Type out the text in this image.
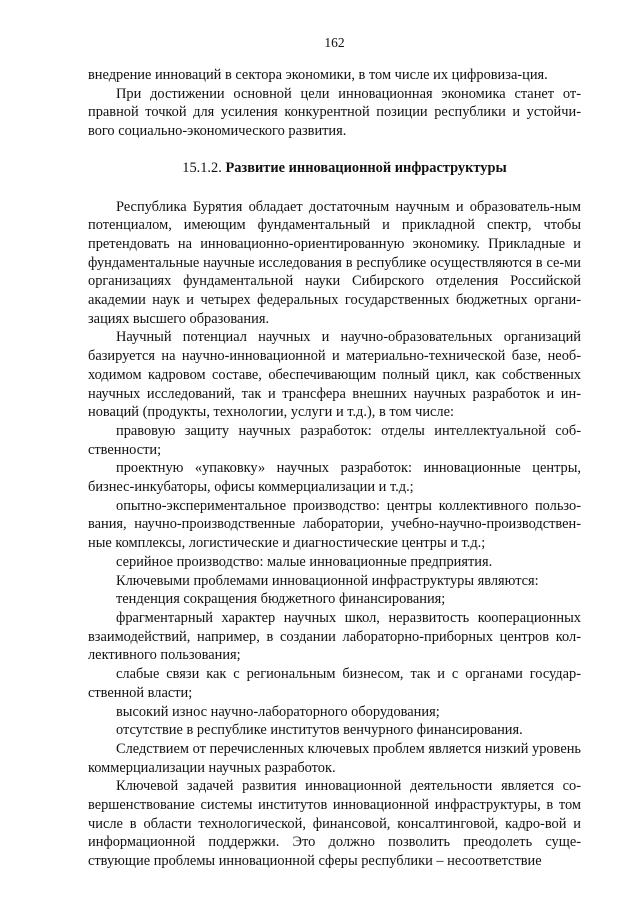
162

внедрение инноваций в сектора экономики, в том числе их цифровиза-ция.

При достижении основной цели инновационная экономика станет от-правной точкой для усиления конкурентной позиции республики и устойчи-вого социально-экономического развития.

15.1.2. Развитие инновационной инфраструктуры

Республика Бурятия обладает достаточным научным и образователь-ным потенциалом, имеющим фундаментальный и прикладной спектр, чтобы претендовать на инновационно-ориентированную экономику. Прикладные и фундаментальные научные исследования в республике осуществляются в се-ми организациях фундаментальной науки Сибирского отделения Российской академии наук и четырех федеральных государственных бюджетных органи-зациях высшего образования.

Научный потенциал научных и научно-образовательных организаций базируется на научно-инновационной и материально-технической базе, необ-ходимом кадровом составе, обеспечивающим полный цикл, как собственных научных исследований, так и трансфера внешних научных разработок и ин-новаций (продукты, технологии, услуги и т.д.), в том числе:

правовую защиту научных разработок: отделы интеллектуальной соб-ственности;

проектную «упаковку» научных разработок: инновационные центры, бизнес-инкубаторы, офисы коммерциализации и т.д.;

опытно-экспериментальное производство: центры коллективного пользо-вания, научно-производственные лаборатории, учебно-научно-производствен-ные комплексы, логистические и диагностические центры и т.д.;

серийное производство: малые инновационные предприятия.

Ключевыми проблемами инновационной инфраструктуры являются:

тенденция сокращения бюджетного финансирования;

фрагментарный характер научных школ, неразвитость кооперационных взаимодействий, например, в создании лабораторно-приборных центров кол-лективного пользования;

слабые связи как с региональным бизнесом, так и с органами государ-ственной власти;

высокий износ научно-лабораторного оборудования;

отсутствие в республике институтов венчурного финансирования.

Следствием от перечисленных ключевых проблем является низкий уровень коммерциализации научных разработок.

Ключевой задачей развития инновационной деятельности является со-вершенствование системы институтов инновационной инфраструктуры, в том числе в области технологической, финансовой, консалтинговой, кадро-вой и информационной поддержки. Это должно позволить преодолеть суще-ствующие проблемы инновационной сферы республики – несоответствие
